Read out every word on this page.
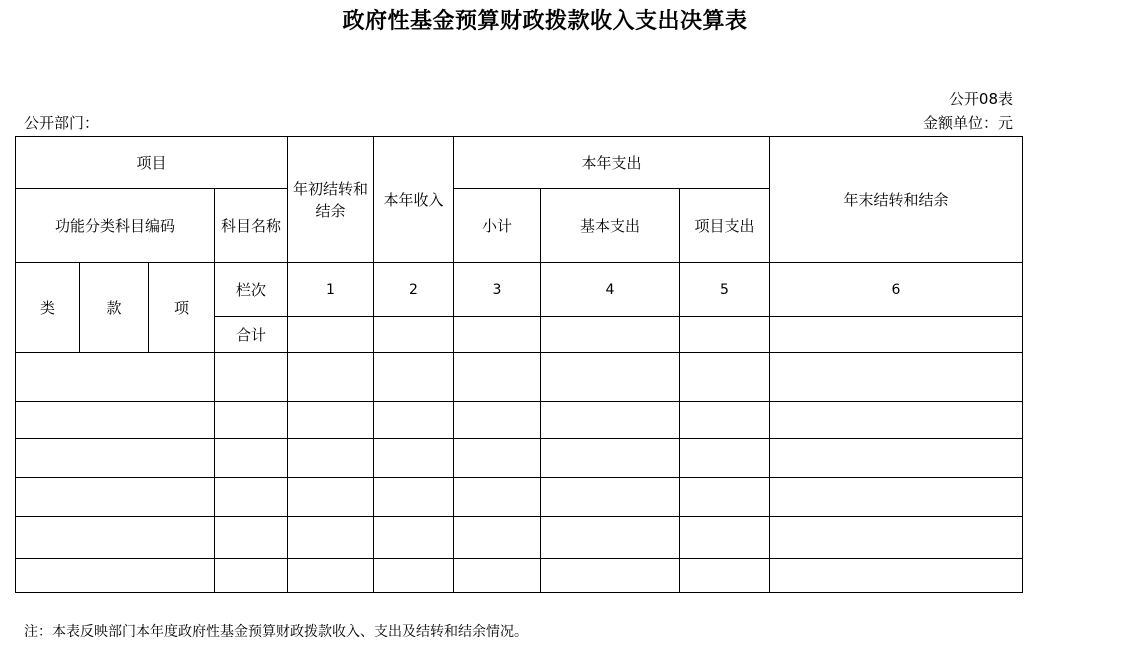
政府性基金预算财政拨款收入支出决算表
公开08表
公开部门：	金额单位：元
项目				年初结转和结余	本年收入	本年支出			年末结转和结余
功能分类科目编码			科目名称			小计	基本支出	项目支出	
类	款	项	栏次	1	2	3	4	5	6
			合计						

注：本表反映部门本年度政府性基金预算财政拨款收入、支出及结转和结余情况。
